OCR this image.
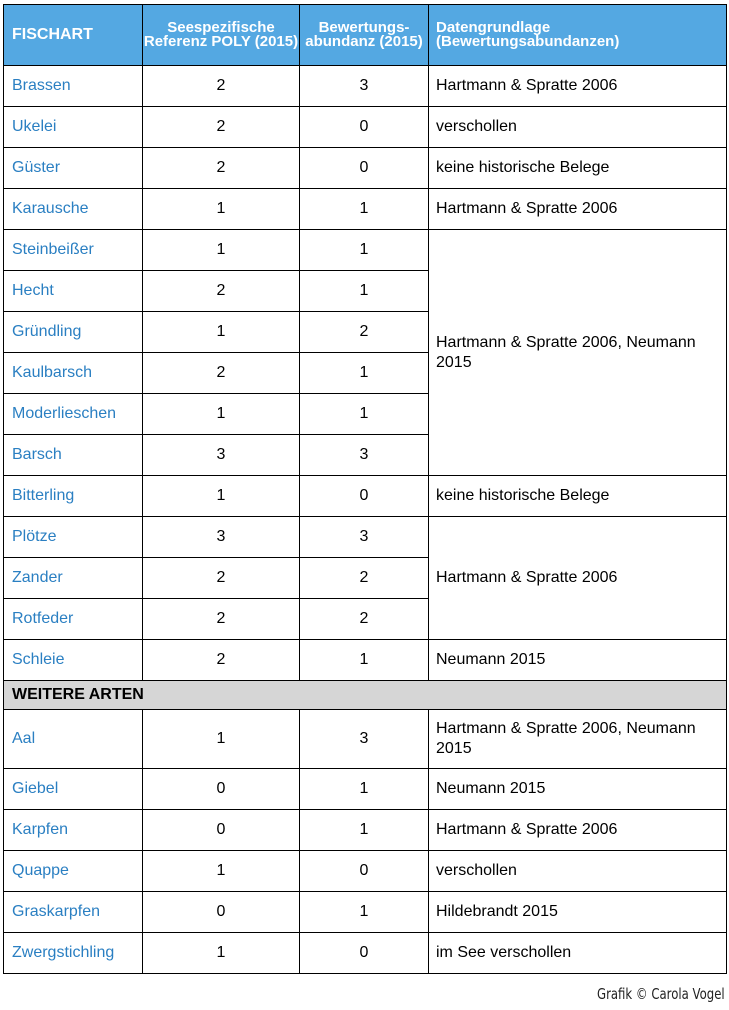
FISCHART	Seespezifische Referenz POLY (2015)	Bewertungs-abundanz (2015)	Datengrundlage (Bewertungsabundanzen)
Brassen	2	3	Hartmann & Spratte 2006
Ukelei	2	0	verschollen
Güster	2	0	keine historische Belege
Karausche	1	1	Hartmann & Spratte 2006
Steinbeißer	1	1	Hartmann & Spratte 2006, Neumann 2015
Hecht	2	1	
Gründling	1	2	
Kaulbarsch	2	1	
Moderlieschen	1	1	
Barsch	3	3	
Bitterling	1	0	keine historische Belege
Plötze	3	3	Hartmann & Spratte 2006
Zander	2	2	
Rotfeder	2	2	
Schleie	2	1	Neumann 2015
WEITERE ARTEN			
Aal	1	3	Hartmann & Spratte 2006, Neumann 2015
Giebel	0	1	Neumann 2015
Karpfen	0	1	Hartmann & Spratte 2006
Quappe	1	0	verschollen
Graskarpfen	0	1	Hildebrandt 2015
Zwergstichling	1	0	im See verschollen
Grafik © Carola Vogel
